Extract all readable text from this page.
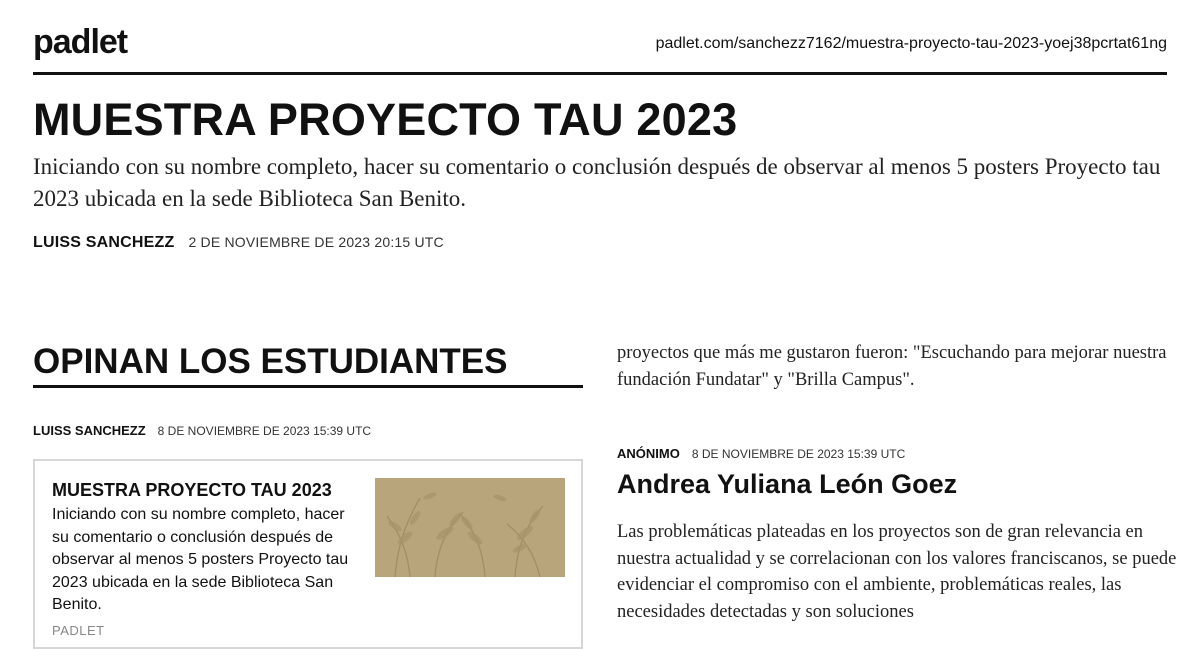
padlet	padlet.com/sanchezz7162/muestra-proyecto-tau-2023-yoej38pcrtat61ng
MUESTRA PROYECTO TAU 2023

Iniciando con su nombre completo, hacer su comentario o conclusión después de observar al menos 5 posters Proyecto tau 2023 ubicada en la sede Biblioteca San Benito.

LUISS SANCHEZZ 2 DE NOVIEMBRE DE 2023 20:15 UTC
OPINAN LOS ESTUDIANTES
LUISS SANCHEZZ 8 DE NOVIEMBRE DE 2023 15:39 UTC
MUESTRA PROYECTO TAU 2023
Iniciando con su nombre completo, hacer su comentario o conclusión después de observar al menos 5 posters Proyecto tau 2023 ubicada en la sede Biblioteca San Benito.
PADLET

proyectos que más me gustaron fueron: "Escuchando para mejorar nuestra fundación Fundatar" y "Brilla Campus".

ANÓNIMO 8 DE NOVIEMBRE DE 2023 15:39 UTC
Andrea Yuliana León Goez

Las problemáticas plateadas en los proyectos son de gran relevancia en nuestra actualidad y se correlacionan con los valores franciscanos, se puede evidenciar el compromiso con el ambiente, problemáticas reales, las necesidades detectadas y son soluciones
